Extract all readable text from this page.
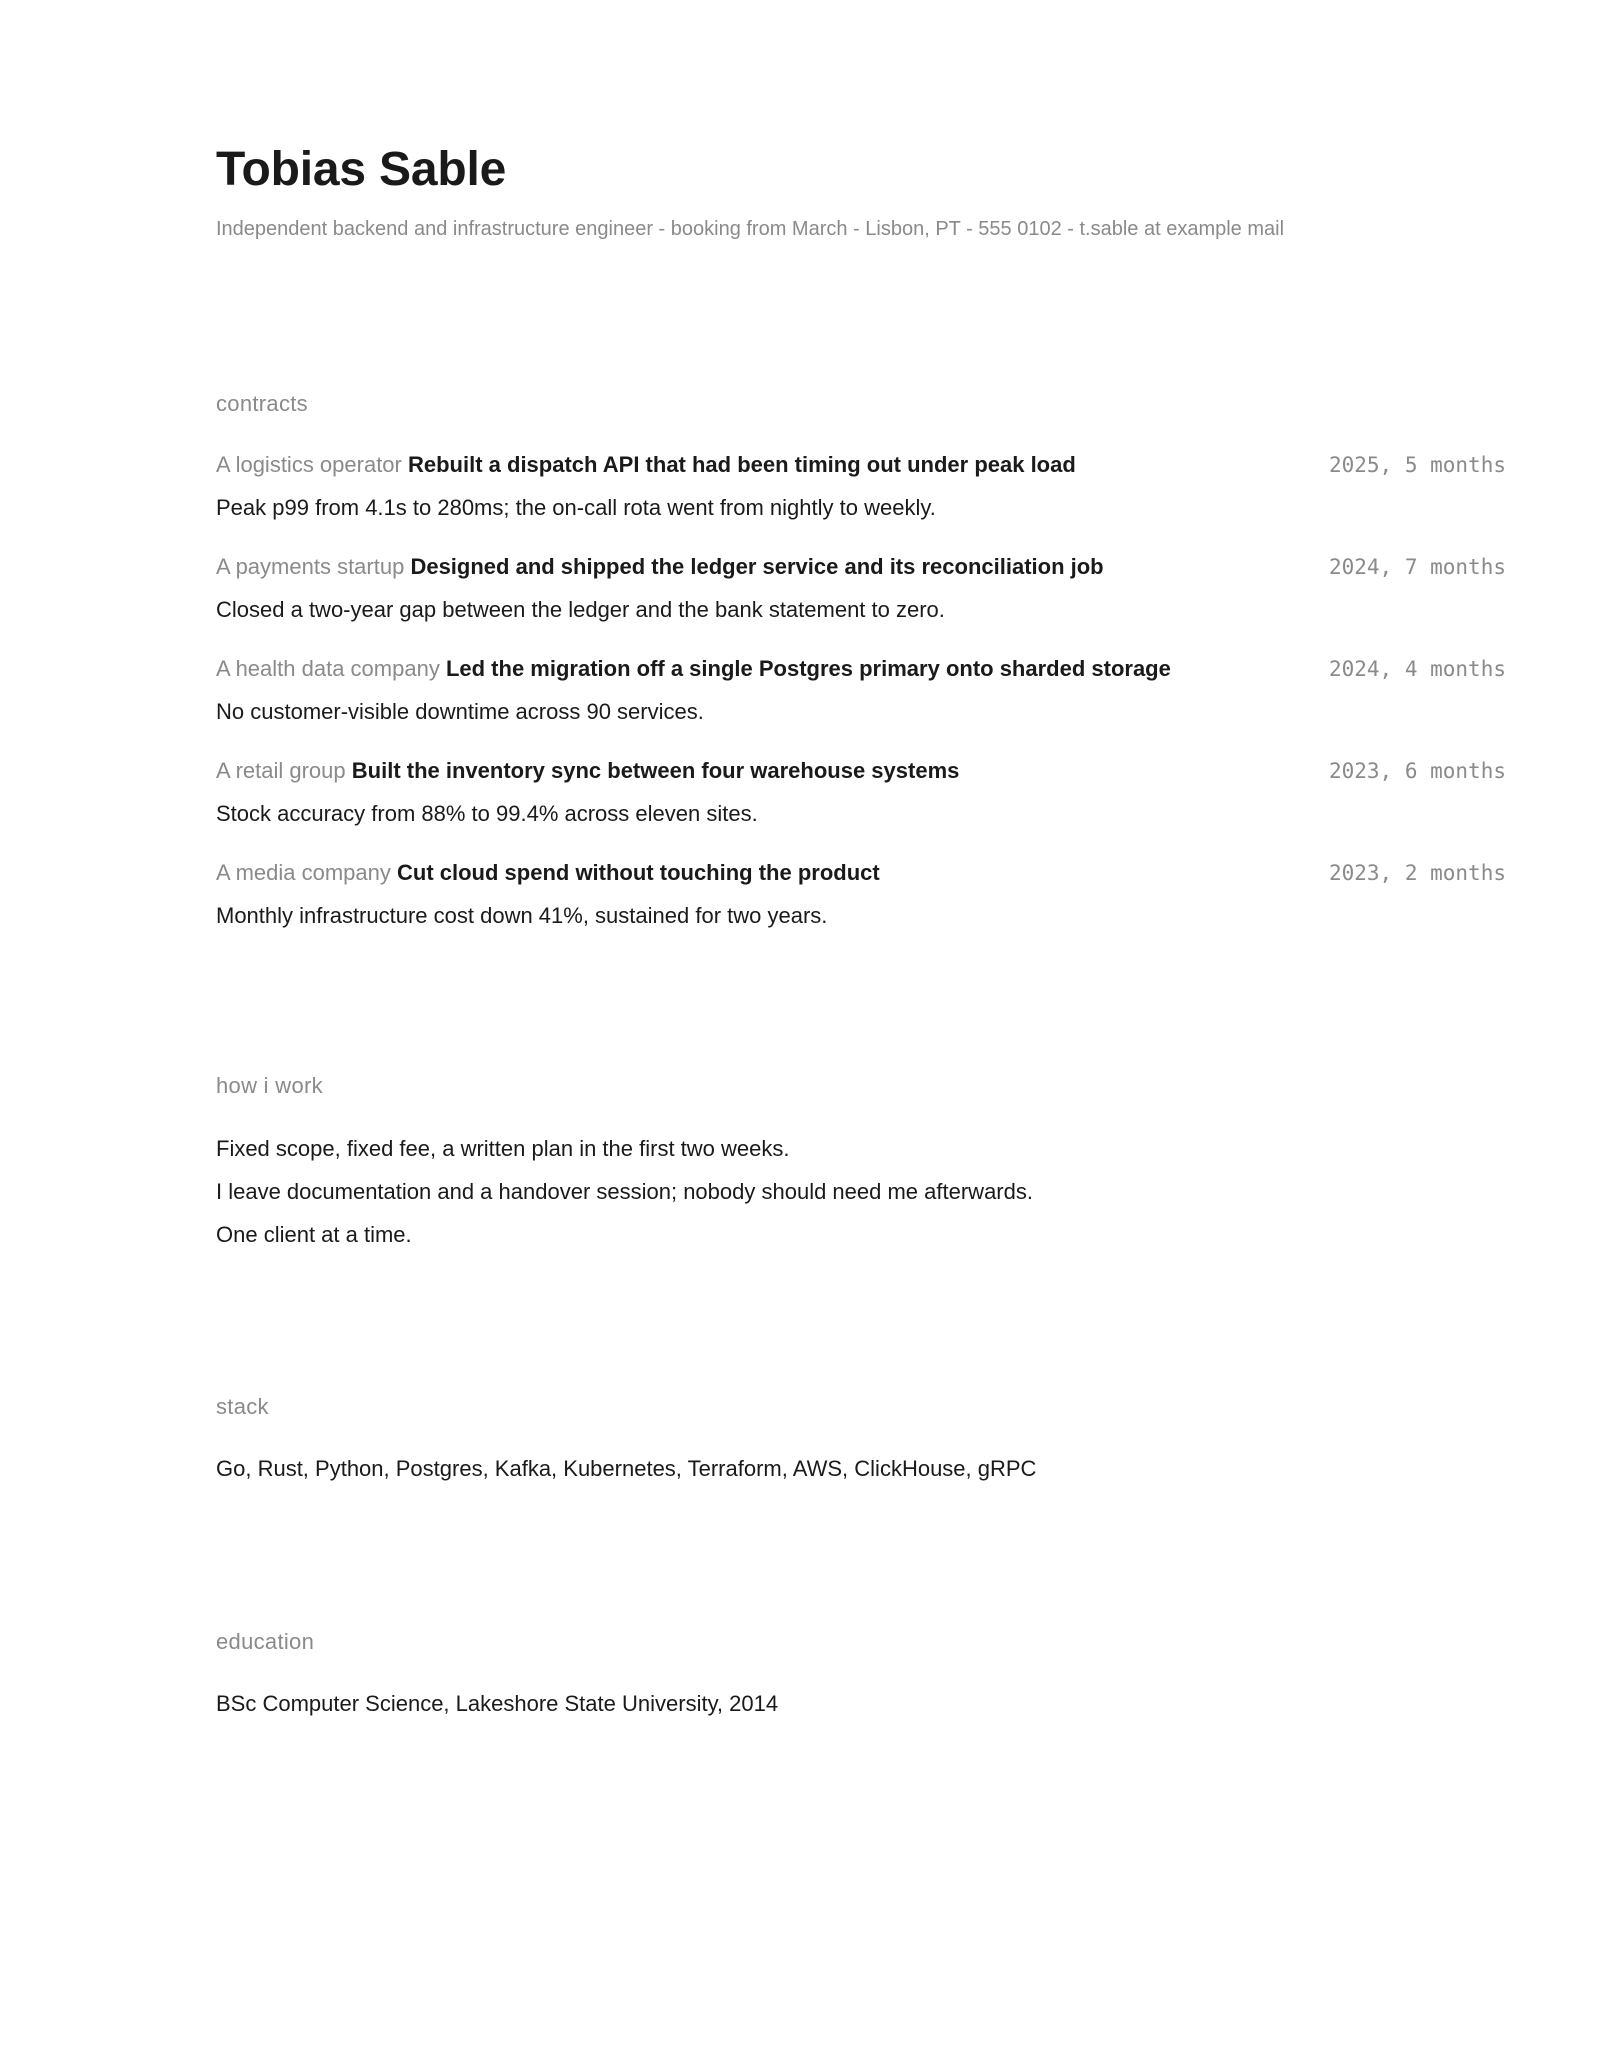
Tobias Sable

Independent backend and infrastructure engineer - booking from March - Lisbon, PT - 555 0102 - t.sable at example mail

contracts
A logistics operator Rebuilt a dispatch API that had been timing out under peak load	2025, 5 months

Peak p99 from 4.1s to 280ms; the on-call rota went from nightly to weekly.

A payments startup Designed and shipped the ledger service and its reconciliation job	2024, 7 months

Closed a two-year gap between the ledger and the bank statement to zero.

A health data company Led the migration off a single Postgres primary onto sharded storage	2024, 4 months

No customer-visible downtime across 90 services.

A retail group Built the inventory sync between four warehouse systems	2023, 6 months

Stock accuracy from 88% to 99.4% across eleven sites.

A media company Cut cloud spend without touching the product	2023, 2 months

Monthly infrastructure cost down 41%, sustained for two years.

how i work
Fixed scope, fixed fee, a written plan in the first two weeks.
I leave documentation and a handover session; nobody should need me afterwards.
One client at a time.
stack

Go, Rust, Python, Postgres, Kafka, Kubernetes, Terraform, AWS, ClickHouse, gRPC

education

BSc Computer Science, Lakeshore State University, 2014
